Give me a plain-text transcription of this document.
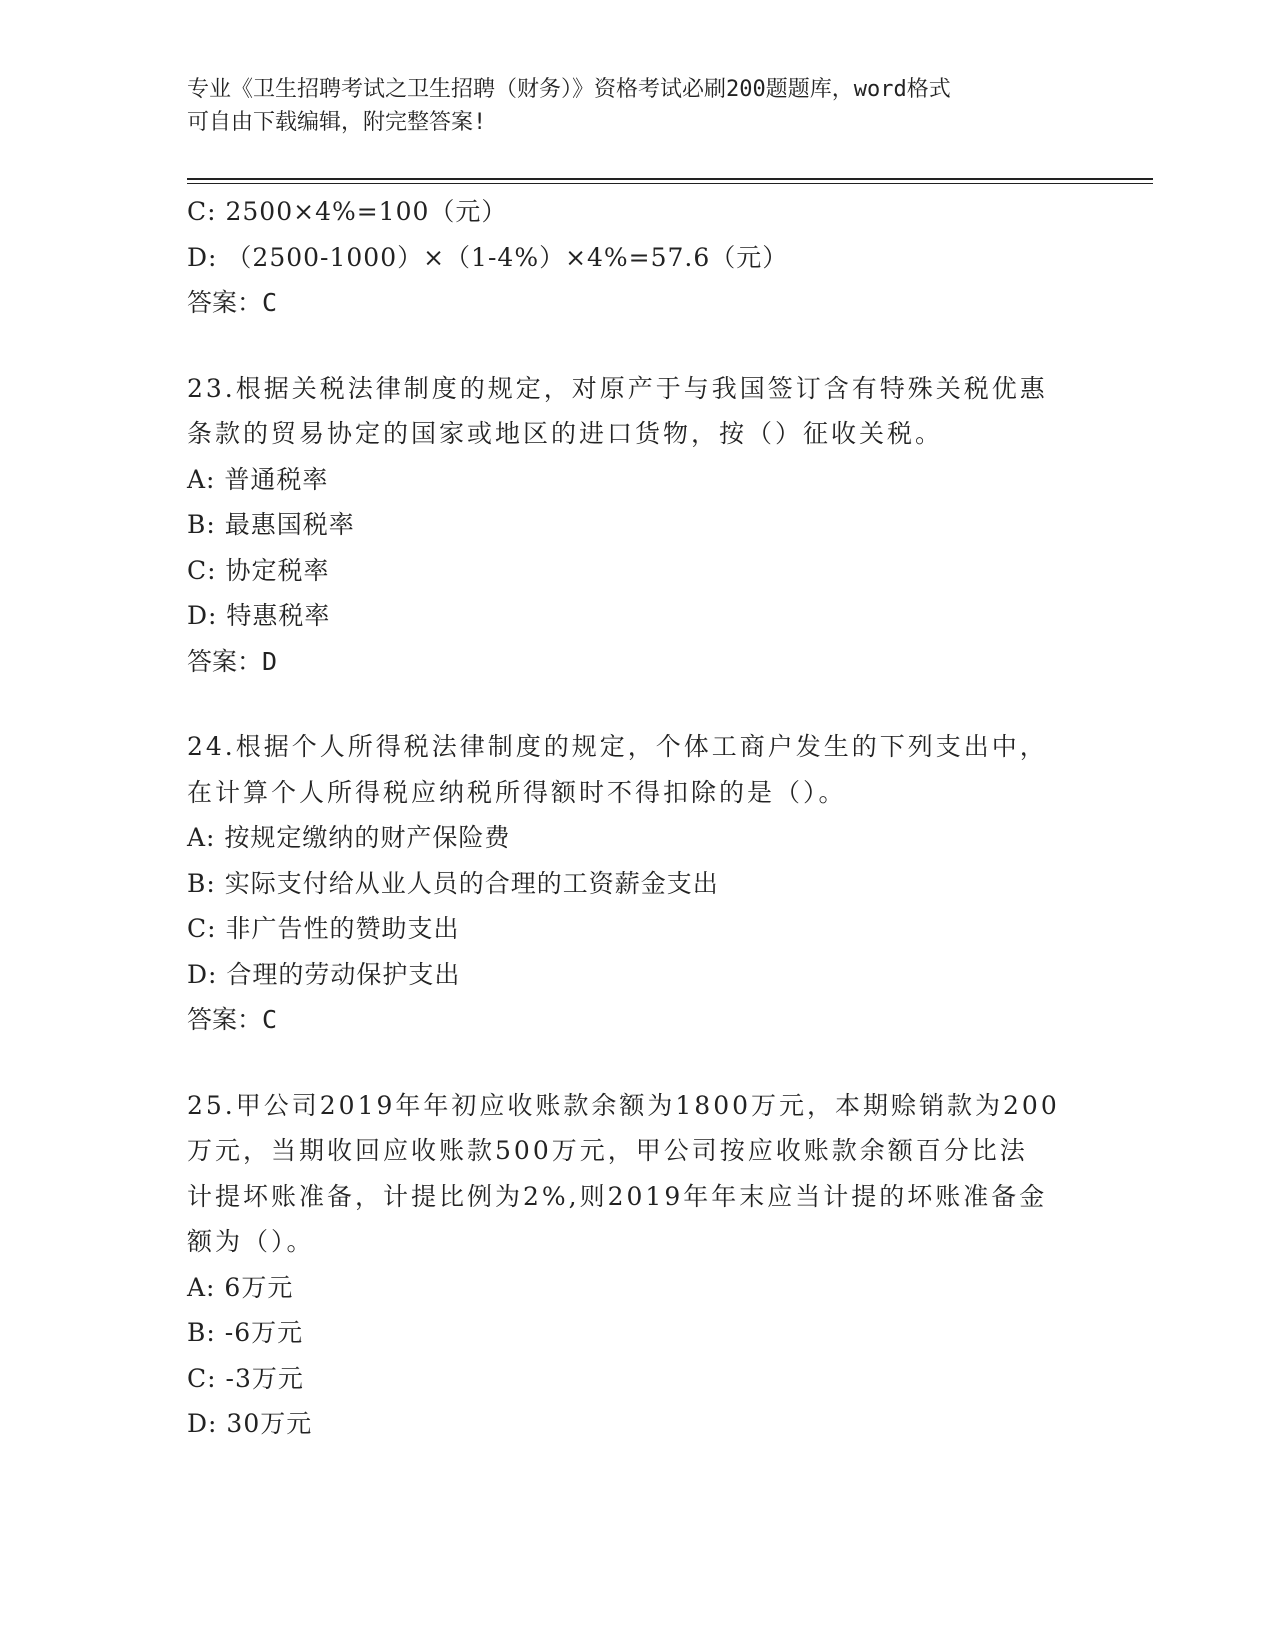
专业《卫生招聘考试之卫生招聘（财务）》资格考试必刷200题题库，word格式
可自由下载编辑，附完整答案!
C: 2500×4%=100（元）
D: （2500-1000）×（1-4%）×4%=57.6（元）
答案：C
23.根据关税法律制度的规定，对原产于与我国签订含有特殊关税优惠
条款的贸易协定的国家或地区的进口货物，按（）征收关税。
A: 普通税率
B: 最惠国税率
C: 协定税率
D: 特惠税率
答案：D
24.根据个人所得税法律制度的规定，个体工商户发生的下列支出中，
在计算个人所得税应纳税所得额时不得扣除的是（）。
A: 按规定缴纳的财产保险费
B: 实际支付给从业人员的合理的工资薪金支出
C: 非广告性的赞助支出
D: 合理的劳动保护支出
答案：C
25.甲公司2019年年初应收账款余额为1800万元，本期赊销款为200
万元，当期收回应收账款500万元，甲公司按应收账款余额百分比法
计提坏账准备，计提比例为2%,则2019年年末应当计提的坏账准备金
额为（）。
A: 6万元
B: -6万元
C: -3万元
D: 30万元
